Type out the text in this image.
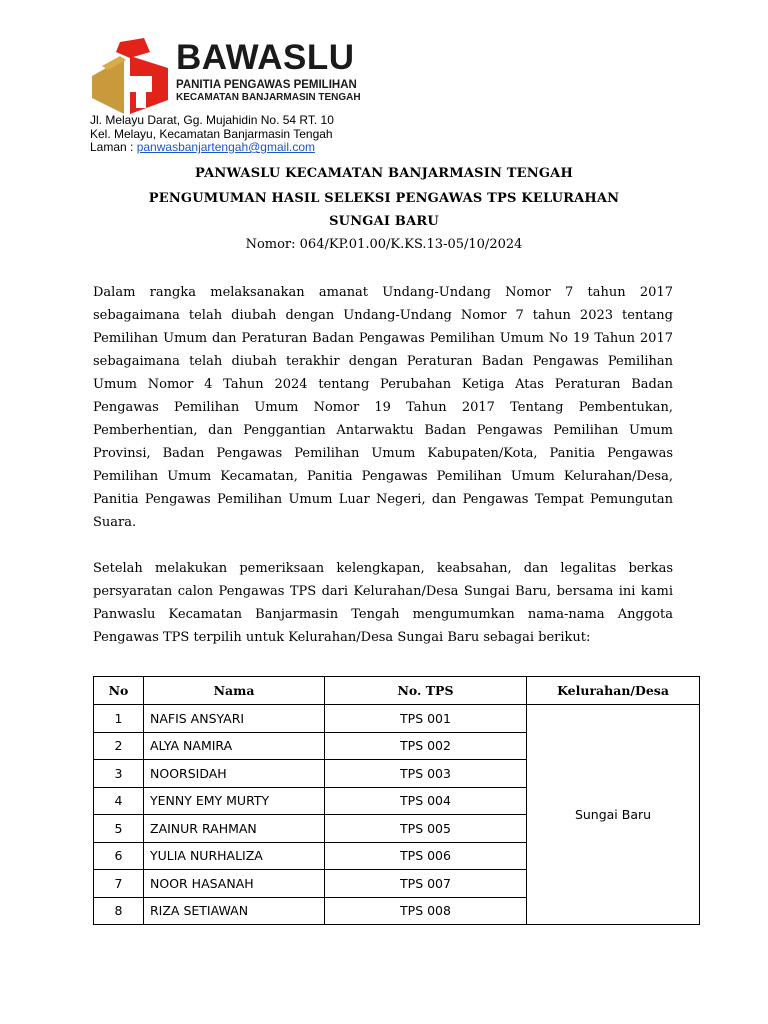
BAWASLU
PANITIA PENGAWAS PEMILIHAN
KECAMATAN BANJARMASIN TENGAH
Jl. Melayu Darat, Gg. Mujahidin No. 54 RT. 10
Kel. Melayu, Kecamatan Banjarmasin Tengah
Laman : panwasbanjartengah@gmail.com
PANWASLU KECAMATAN BANJARMASIN TENGAH
PENGUMUMAN HASIL SELEKSI PENGAWAS TPS KELURAHAN
SUNGAI BARU
Nomor: 064/KP.01.00/K.KS.13-05/10/2024
Dalam rangka melaksanakan amanat Undang-Undang Nomor 7 tahun 2017 sebagaimana telah diubah dengan Undang-Undang Nomor 7 tahun 2023 tentang Pemilihan Umum dan Peraturan Badan Pengawas Pemilihan Umum No 19 Tahun 2017 sebagaimana telah diubah terakhir dengan Peraturan Badan Pengawas Pemilihan Umum Nomor 4 Tahun 2024 tentang Perubahan Ketiga Atas Peraturan Badan Pengawas Pemilihan Umum Nomor 19 Tahun 2017 Tentang Pembentukan, Pemberhentian, dan Penggantian Antarwaktu Badan Pengawas Pemilihan Umum Provinsi, Badan Pengawas Pemilihan Umum Kabupaten/Kota, Panitia Pengawas Pemilihan Umum Kecamatan, Panitia Pengawas Pemilihan Umum Kelurahan/Desa, Panitia Pengawas Pemilihan Umum Luar Negeri, dan Pengawas Tempat Pemungutan Suara.
Setelah melakukan pemeriksaan kelengkapan, keabsahan, dan legalitas berkas persyaratan calon Pengawas TPS dari Kelurahan/Desa Sungai Baru, bersama ini kami Panwaslu Kecamatan Banjarmasin Tengah mengumumkan nama-nama Anggota Pengawas TPS terpilih untuk Kelurahan/Desa Sungai Baru sebagai berikut:
No	Nama	No. TPS	Kelurahan/Desa
1	NAFIS ANSYARI	TPS 001	Sungai Baru
2	ALYA NAMIRA	TPS 002	
3	NOORSIDAH	TPS 003	
4	YENNY EMY MURTY	TPS 004	
5	ZAINUR RAHMAN	TPS 005	
6	YULIA NURHALIZA	TPS 006	
7	NOOR HASANAH	TPS 007	
8	RIZA SETIAWAN	TPS 008	
